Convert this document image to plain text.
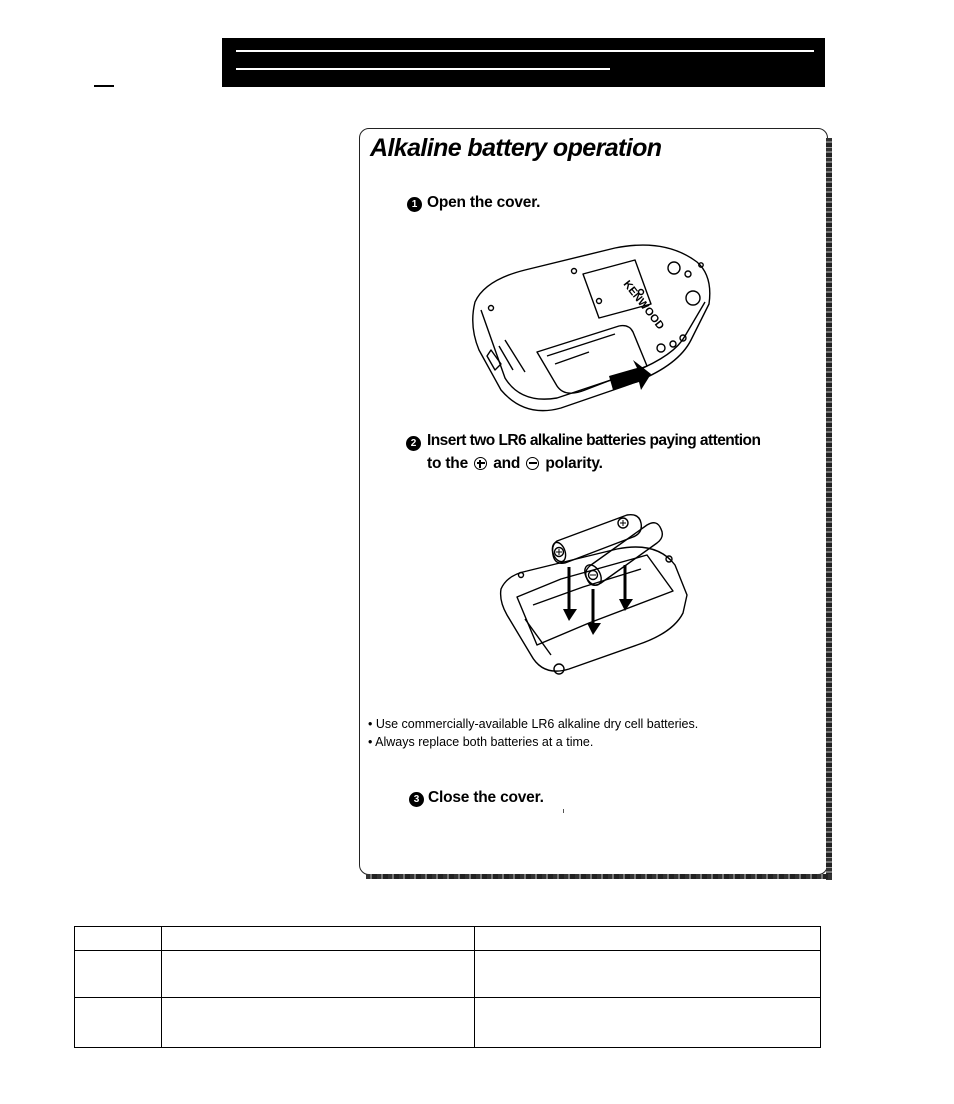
Alkaline battery operation
1 Open the cover.
KENWOOD
2 Insert two LR6 alkaline batteries paying attention
to the and polarity.
• Use commercially-available LR6 alkaline dry cell batteries.
• Always replace both batteries at a time.
3 Close the cover.
